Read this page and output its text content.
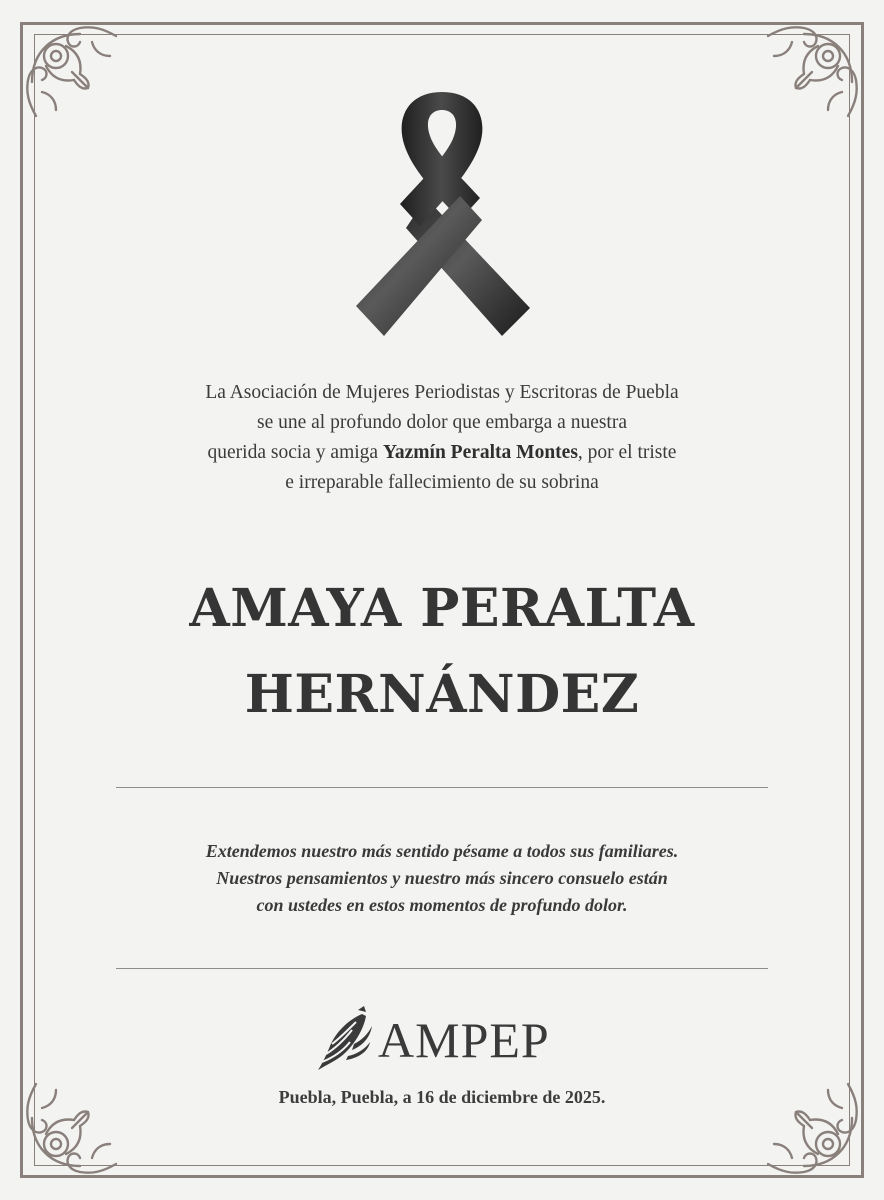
La Asociación de Mujeres Periodistas y Escritoras de Puebla
se une al profundo dolor que embarga a nuestra
querida socia y amiga Yazmín Peralta Montes, por el triste
e irreparable fallecimiento de su sobrina
AMAYA PERALTA
HERNÁNDEZ
Extendemos nuestro más sentido pésame a todos sus familiares.
Nuestros pensamientos y nuestro más sincero consuelo están
con ustedes en estos momentos de profundo dolor.
AMPEP
Puebla, Puebla, a 16 de diciembre de 2025.
